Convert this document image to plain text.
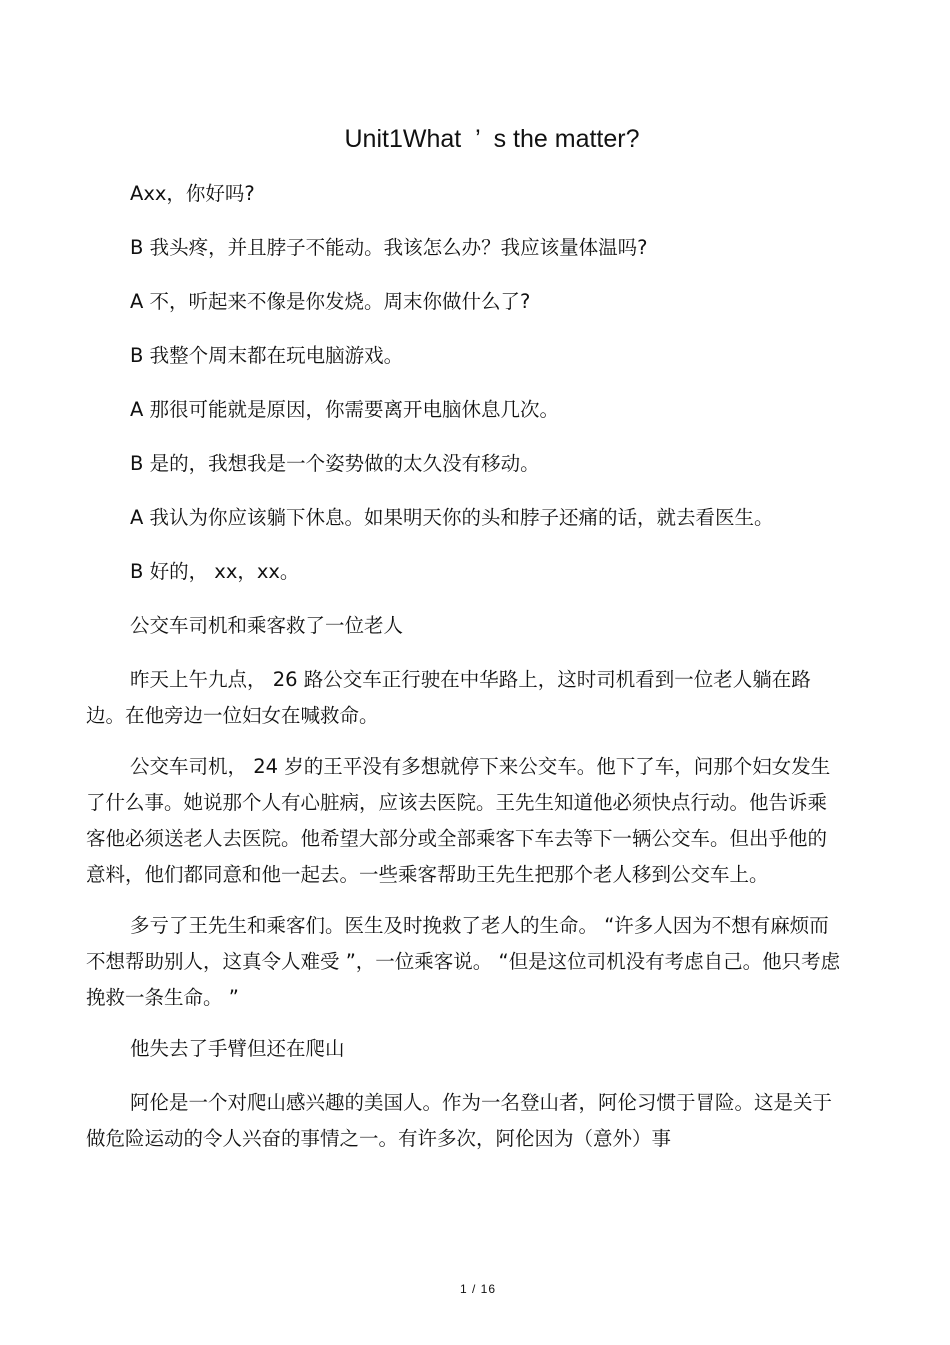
Unit1What  ’  s the matter?

Axx，你好吗?

B 我头疼，并且脖子不能动。我该怎么办？我应该量体温吗?

A 不，听起来不像是你发烧。周末你做什么了?

B 我整个周末都在玩电脑游戏。

A 那很可能就是原因，你需要离开电脑休息几次。

B 是的，我想我是一个姿势做的太久没有移动。

A 我认为你应该躺下休息。如果明天你的头和脖子还痛的话，就去看医生。

B 好的， xx，xx。

公交车司机和乘客救了一位老人

昨天上午九点， 26 路公交车正行驶在中华路上，这时司机看到一位老人躺在路边。在他旁边一位妇女在喊救命。

公交车司机， 24 岁的王平没有多想就停下来公交车。他下了车，问那个妇女发生了什么事。她说那个人有心脏病，应该去医院。王先生知道他必须快点行动。他告诉乘客他必须送老人去医院。他希望大部分或全部乘客下车去等下一辆公交车。但出乎他的意料，他们都同意和他一起去。一些乘客帮助王先生把那个老人移到公交车上。

多亏了王先生和乘客们。医生及时挽救了老人的生命。 “许多人因为不想有麻烦而不想帮助别人，这真令人难受 ”，一位乘客说。 “但是这位司机没有考虑自己。他只考虑挽救一条生命。 ”

他失去了手臂但还在爬山

阿伦是一个对爬山感兴趣的美国人。作为一名登山者，阿伦习惯于冒险。这是关于做危险运动的令人兴奋的事情之一。有许多次，阿伦因为（意外）事

1 / 16
